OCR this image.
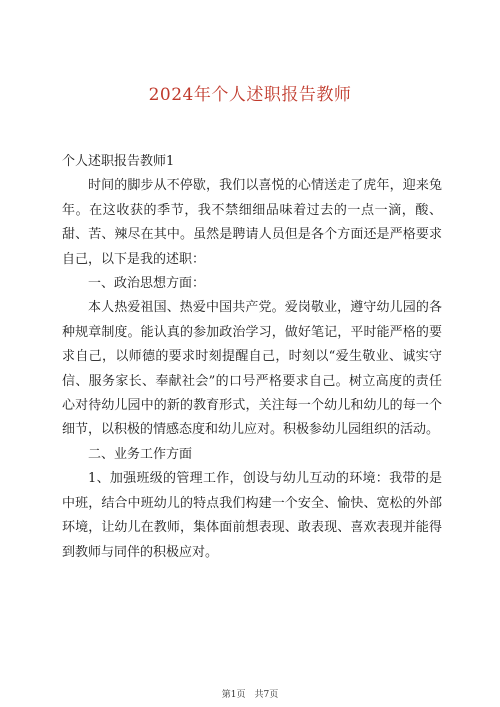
2024年个人述职报告教师

个人述职报告教师1

时间的脚步从不停歇，我们以喜悦的心情送走了虎年，迎来兔年。在这收获的季节，我不禁细细品味着过去的一点一滴，酸、甜、苦、辣尽在其中。虽然是聘请人员但是各个方面还是严格要求自己，以下是我的述职：

一、政治思想方面：

本人热爱祖国、热爱中国共产党。爱岗敬业，遵守幼儿园的各种规章制度。能认真的参加政治学习，做好笔记，平时能严格的要求自己，以师德的要求时刻提醒自己，时刻以“爱生敬业、诚实守信、服务家长、奉献社会”的口号严格要求自己。树立高度的责任心对待幼儿园中的新的教育形式，关注每一个幼儿和幼儿的每一个细节，以积极的情感态度和幼儿应对。积极参幼儿园组织的活动。

二、业务工作方面

1、加强班级的管理工作，创设与幼儿互动的环境：我带的是中班，结合中班幼儿的特点我们构建一个安全、愉快、宽松的外部环境，让幼儿在教师，集体面前想表现、敢表现、喜欢表现并能得到教师与同伴的积极应对。

第1页　共7页
